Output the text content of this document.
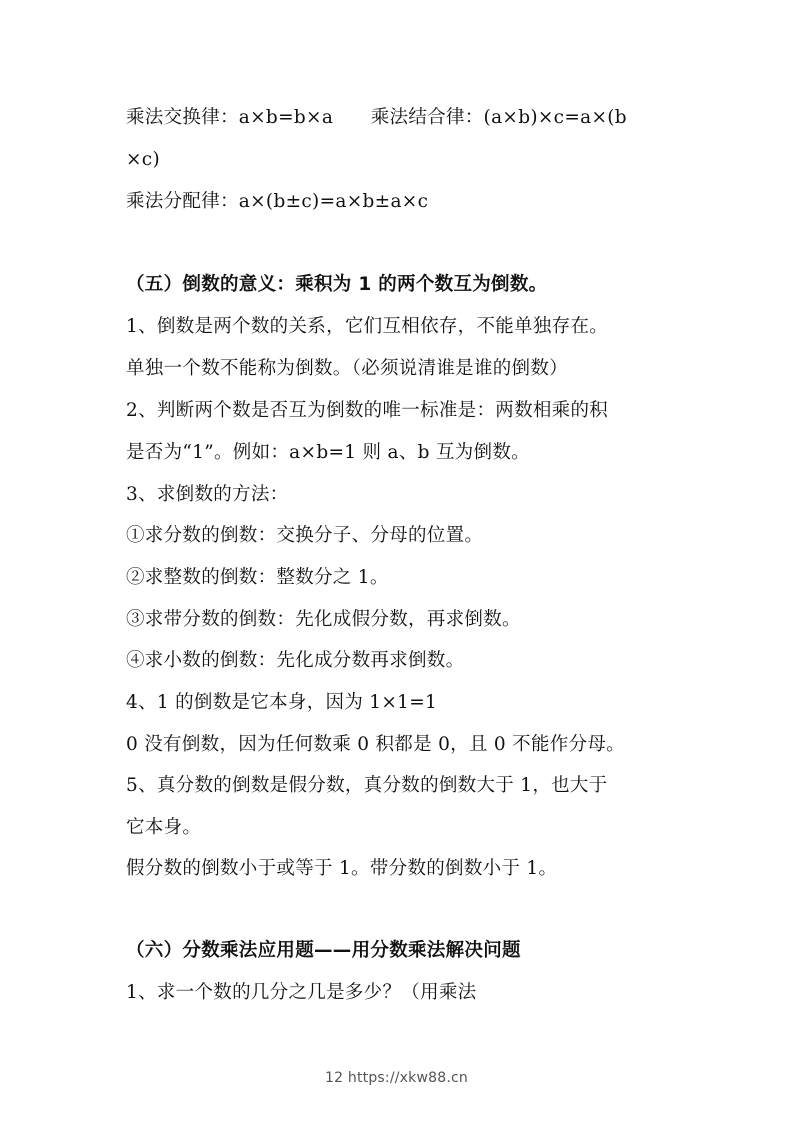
乘法交换律：a×b=b×a　　乘法结合律：(a×b)×c=a×(b
×c)
乘法分配律：a×(b±c)=a×b±a×c
（五）倒数的意义：乘积为 1 的两个数互为倒数。
1、倒数是两个数的关系，它们互相依存，不能单独存在。
单独一个数不能称为倒数。（必须说清谁是谁的倒数）
2、判断两个数是否互为倒数的唯一标准是：两数相乘的积
是否为“1”。例如：a×b=1 则 a、b 互为倒数。
3、求倒数的方法：
①求分数的倒数：交换分子、分母的位置。
②求整数的倒数：整数分之 1。
③求带分数的倒数：先化成假分数，再求倒数。
④求小数的倒数：先化成分数再求倒数。
4、1 的倒数是它本身，因为 1×1=1
0 没有倒数，因为任何数乘 0 积都是 0，且 0 不能作分母。
5、真分数的倒数是假分数，真分数的倒数大于 1，也大于
它本身。
假分数的倒数小于或等于 1。带分数的倒数小于 1。
（六）分数乘法应用题——用分数乘法解决问题
1、求一个数的几分之几是多少？（用乘法
12 https://xkw88.cn
